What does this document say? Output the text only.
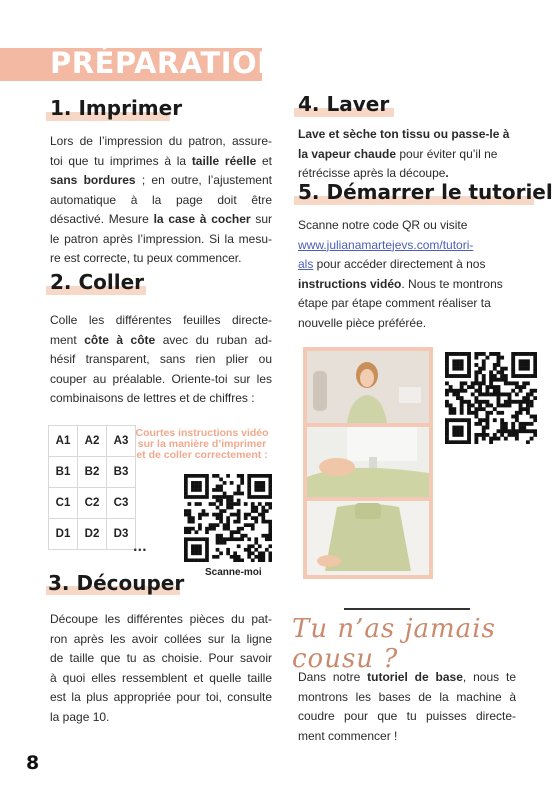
PRÉPARATION
1. Imprimer
Lors de l’impression du patron, assure-
toi que tu imprimes à la taille réelle et
sans bordures ; en outre, l’ajustement
automatique à la page doit être
désactivé. Mesure la case à cocher sur
le patron après l’impression. Si la mesu-
re est correcte, tu peux commencer.
2. Coller
Colle les différentes feuilles directe-
ment côte à côte avec du ruban ad-
hésif transparent, sans rien plier ou
couper au préalable. Oriente-toi sur les
combinaisons de lettres et de chiffres :
A1	A2	A3
B1	B2	B3
C1	C2	C3
D1	D2	D3
...
Courtes instructions vidéo
sur la manière d’imprimer
et de coller correctement :
Scanne-moi
3. Découper
Découpe les différentes pièces du pat-
ron après les avoir collées sur la ligne
de taille que tu as choisie. Pour savoir
à quoi elles ressemblent et quelle taille
est la plus appropriée pour toi, consulte
la page 10.
4. Laver
Lave et sèche ton tissu ou passe-le à
la vapeur chaude pour éviter qu’il ne
rétrécisse après la découpe.
5. Démarrer le tutoriel
Scanne notre code QR ou visite
www.julianamartejevs.com/tutori-
als pour accéder directement à nos
instructions vidéo. Nous te montrons
étape par étape comment réaliser ta
nouvelle pièce préférée.
Tu n’as jamais cousu ?
Dans notre tutoriel de base, nous te
montrons les bases de la machine à
coudre pour que tu puisses directe-
ment commencer !
8
